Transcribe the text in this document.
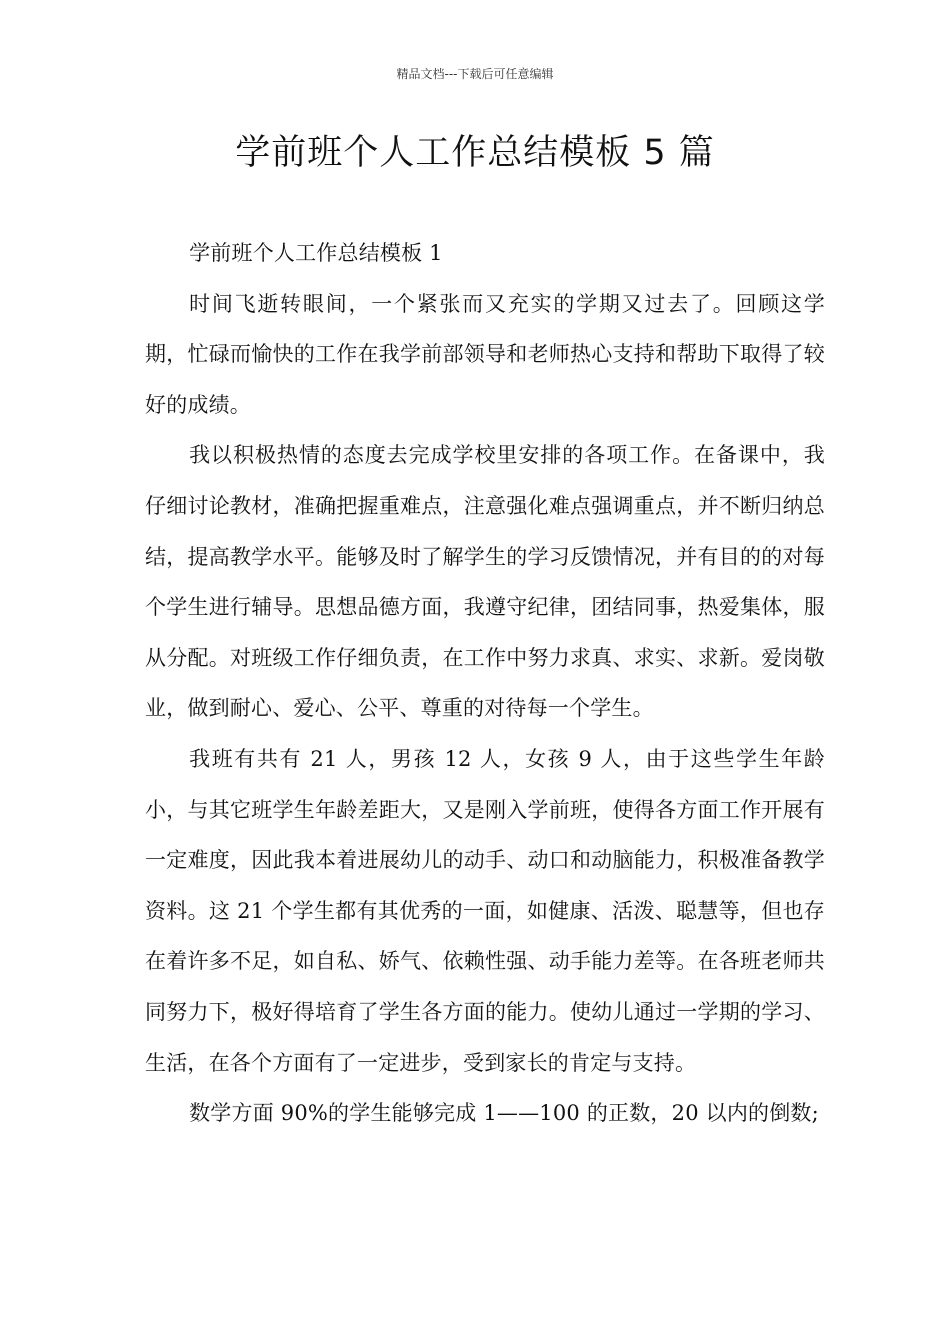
精品文档---下载后可任意编辑
学前班个人工作总结模板 5 篇

学前班个人工作总结模板 1

时间飞逝转眼间，一个紧张而又充实的学期又过去了。回顾这学期，忙碌而愉快的工作在我学前部领导和老师热心支持和帮助下取得了较好的成绩。

我以积极热情的态度去完成学校里安排的各项工作。在备课中，我仔细讨论教材，准确把握重难点，注意强化难点强调重点，并不断归纳总结，提高教学水平。能够及时了解学生的学习反馈情况，并有目的的对每个学生进行辅导。思想品德方面，我遵守纪律，团结同事，热爱集体，服从分配。对班级工作仔细负责，在工作中努力求真、求实、求新。爱岗敬业，做到耐心、爱心、公平、尊重的对待每一个学生。

我班有共有 21 人，男孩 12 人，女孩 9 人，由于这些学生年龄小，与其它班学生年龄差距大，又是刚入学前班，使得各方面工作开展有一定难度，因此我本着进展幼儿的动手、动口和动脑能力，积极准备教学资料。这 21 个学生都有其优秀的一面，如健康、活泼、聪慧等，但也存在着许多不足，如自私、娇气、依赖性强、动手能力差等。在各班老师共同努力下，极好得培育了学生各方面的能力。使幼儿通过一学期的学习、生活，在各个方面有了一定进步，受到家长的肯定与支持。

数学方面 90%的学生能够完成 1——100 的正数，20 以内的倒数;
